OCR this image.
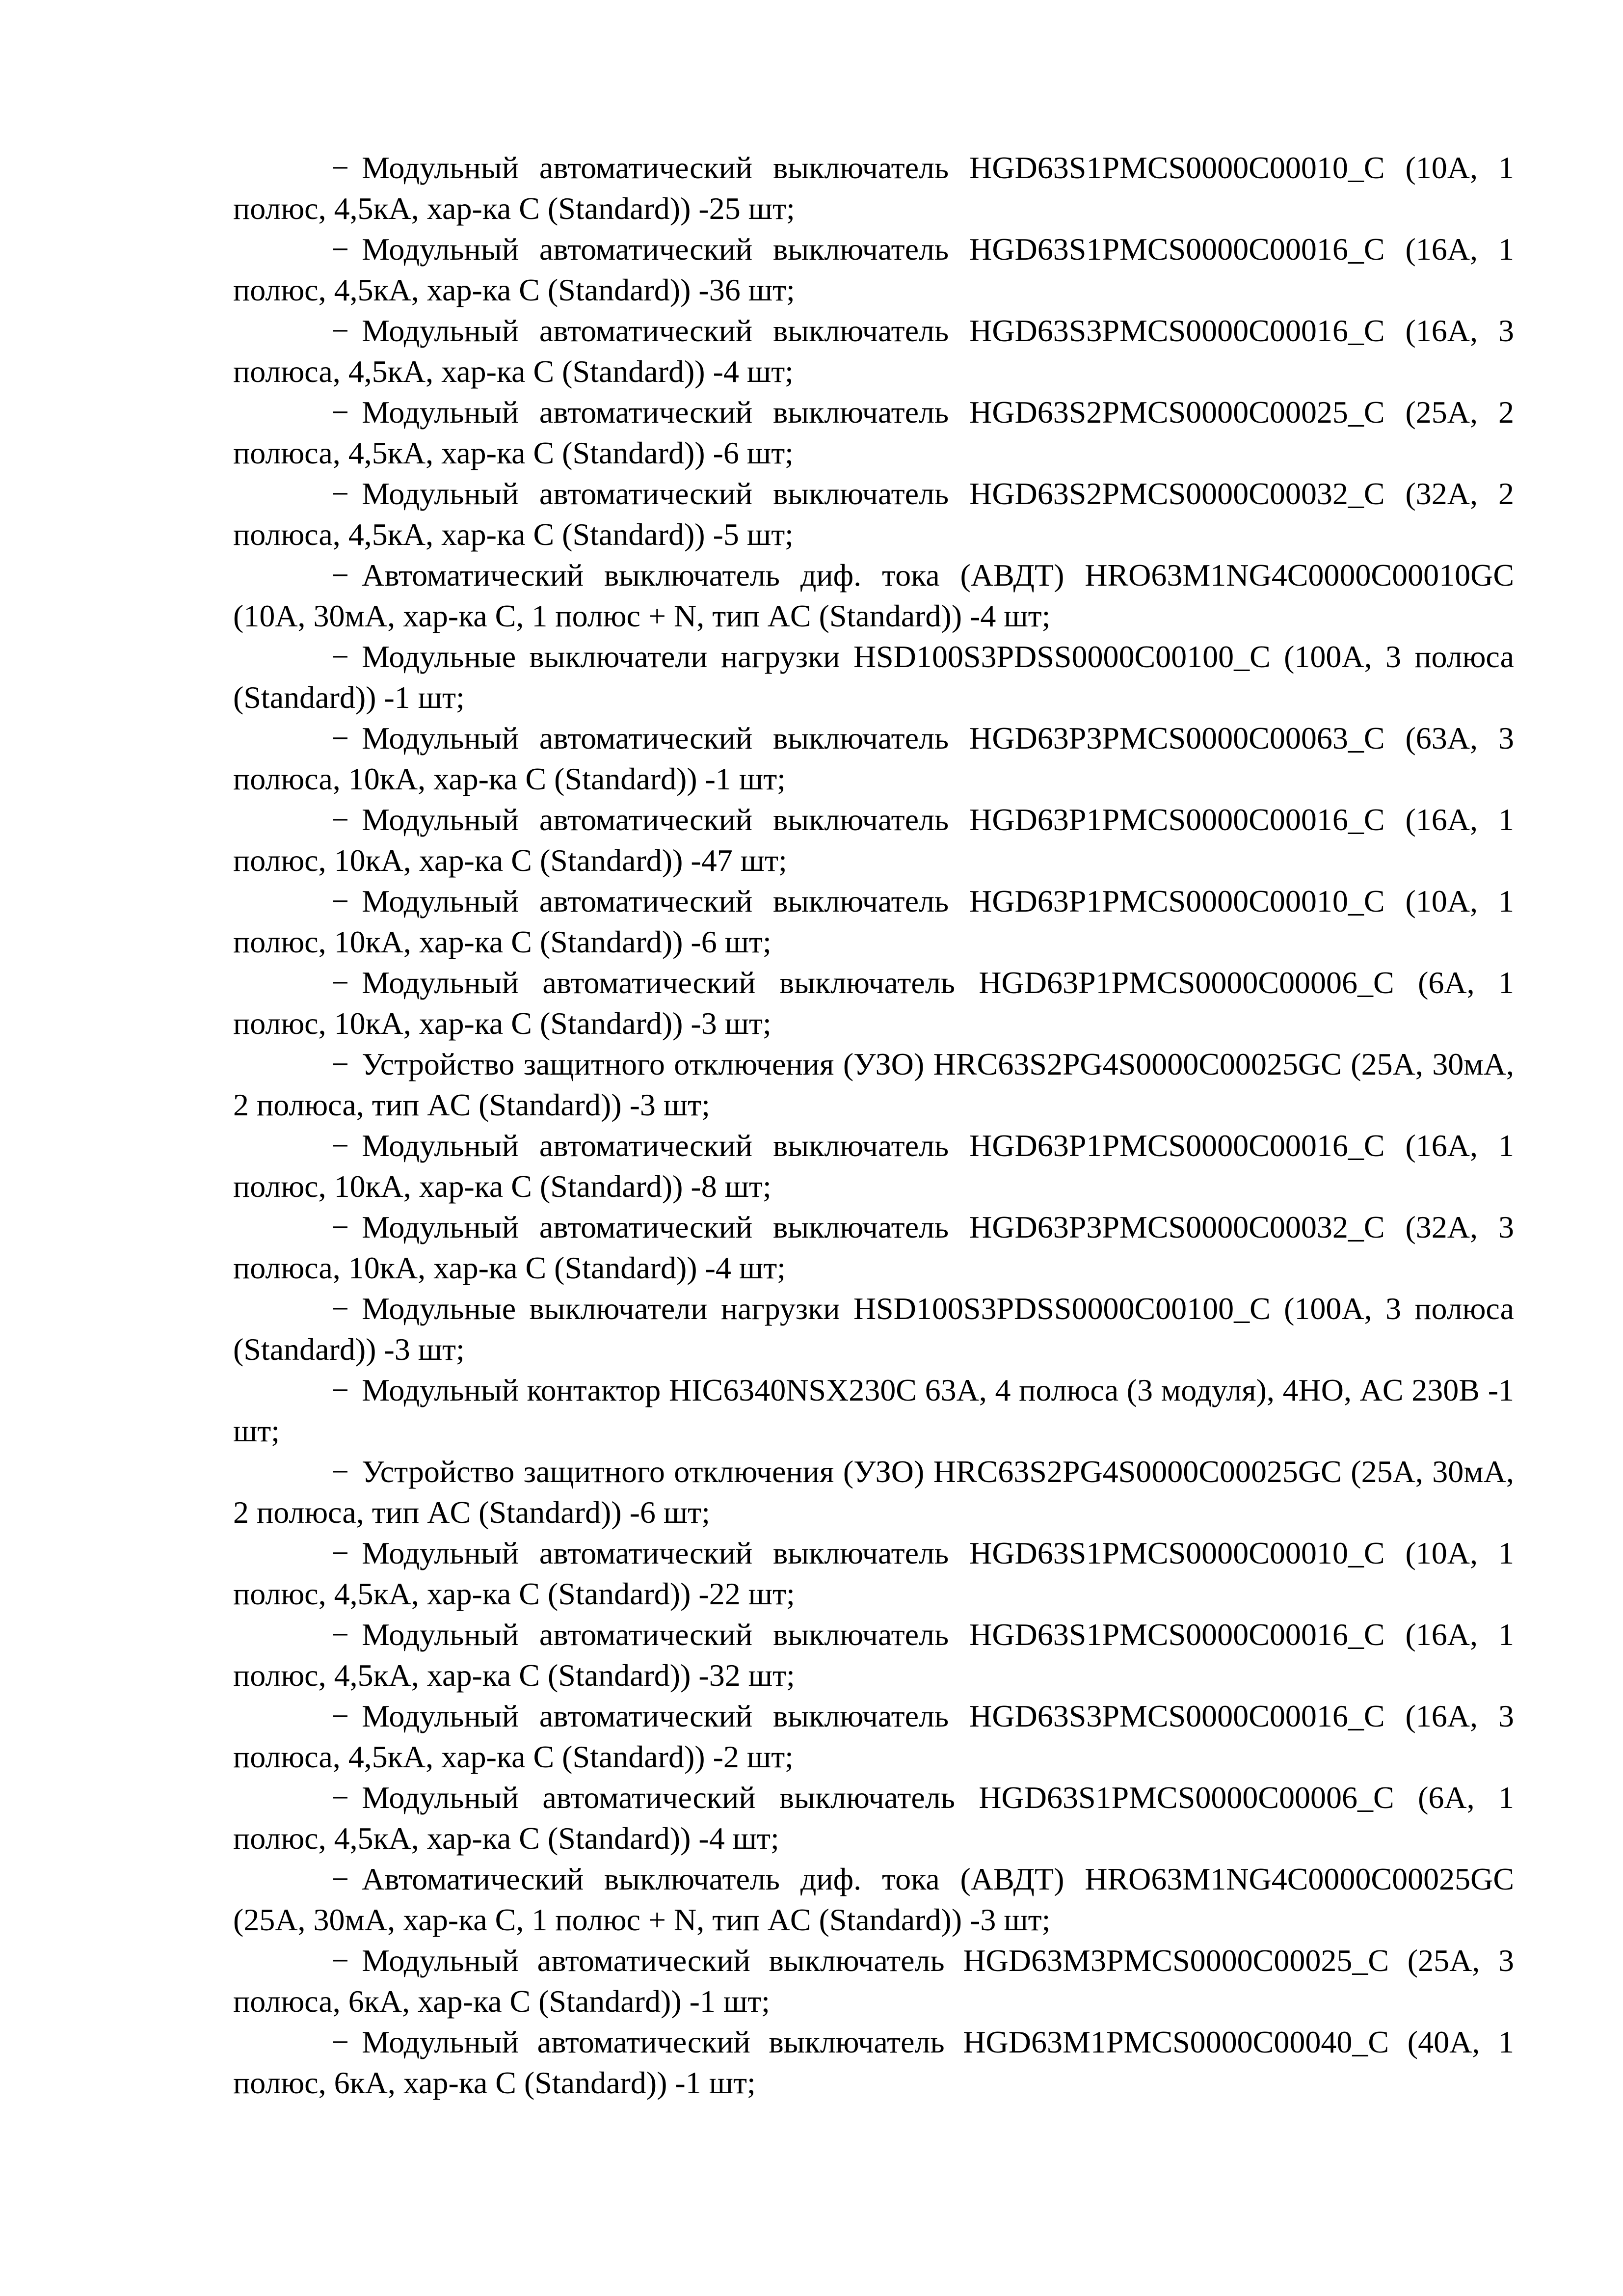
− Модульный автоматический выключатель HGD63S1PMCS0000C00010_C (10A, 1 полюс, 4,5кА, хар-ка C (Standard)) -25 шт;
− Модульный автоматический выключатель HGD63S1PMCS0000C00016_C (16A, 1 полюс, 4,5кА, хар-ка C (Standard)) -36 шт;
− Модульный автоматический выключатель HGD63S3PMCS0000C00016_C (16A, 3 полюса, 4,5кА, хар-ка C (Standard)) -4 шт;
− Модульный автоматический выключатель HGD63S2PMCS0000C00025_C (25A, 2 полюса, 4,5кА, хар-ка C (Standard)) -6 шт;
− Модульный автоматический выключатель HGD63S2PMCS0000C00032_C (32A, 2 полюса, 4,5кА, хар-ка C (Standard)) -5 шт;
− Автоматический выключатель диф. тока (АВДТ) HRO63M1NG4C0000C00010GC (10A, 30мА, хар-ка C, 1 полюс + N, тип AC (Standard)) -4 шт;
− Модульные выключатели нагрузки HSD100S3PDSS0000C00100_C (100A, 3 полюса (Standard)) -1 шт;
− Модульный автоматический выключатель HGD63P3PMCS0000C00063_C (63A, 3 полюса, 10кА, хар-ка C (Standard)) -1 шт;
− Модульный автоматический выключатель HGD63P1PMCS0000C00016_C (16A, 1 полюс, 10кА, хар-ка C (Standard)) -47 шт;
− Модульный автоматический выключатель HGD63P1PMCS0000C00010_C (10A, 1 полюс, 10кА, хар-ка C (Standard)) -6 шт;
− Модульный автоматический выключатель HGD63P1PMCS0000C00006_C (6A, 1 полюс, 10кА, хар-ка C (Standard)) -3 шт;
− Устройство защитного отключения (УЗО) HRC63S2PG4S0000C00025GC (25A, 30мА, 2 полюса, тип AC (Standard)) -3 шт;
− Модульный автоматический выключатель HGD63P1PMCS0000C00016_C (16A, 1 полюс, 10кА, хар-ка C (Standard)) -8 шт;
− Модульный автоматический выключатель HGD63P3PMCS0000C00032_C (32A, 3 полюса, 10кА, хар-ка C (Standard)) -4 шт;
− Модульные выключатели нагрузки HSD100S3PDSS0000C00100_C (100A, 3 полюса (Standard)) -3 шт;
− Модульный контактор HIC6340NSX230C 63A, 4 полюса (3 модуля), 4НО, AC 230В -1 шт;
− Устройство защитного отключения (УЗО) HRC63S2PG4S0000C00025GC (25A, 30мА, 2 полюса, тип AC (Standard)) -6 шт;
− Модульный автоматический выключатель HGD63S1PMCS0000C00010_C (10A, 1 полюс, 4,5кА, хар-ка C (Standard)) -22 шт;
− Модульный автоматический выключатель HGD63S1PMCS0000C00016_C (16A, 1 полюс, 4,5кА, хар-ка C (Standard)) -32 шт;
− Модульный автоматический выключатель HGD63S3PMCS0000C00016_C (16A, 3 полюса, 4,5кА, хар-ка C (Standard)) -2 шт;
− Модульный автоматический выключатель HGD63S1PMCS0000C00006_C (6A, 1 полюс, 4,5кА, хар-ка C (Standard)) -4 шт;
− Автоматический выключатель диф. тока (АВДТ) HRO63M1NG4C0000C00025GC (25A, 30мА, хар-ка C, 1 полюс + N, тип AC (Standard)) -3 шт;
− Модульный автоматический выключатель HGD63M3PMCS0000C00025_C (25A, 3 полюса, 6кА, хар-ка C (Standard)) -1 шт;
− Модульный автоматический выключатель HGD63M1PMCS0000C00040_C (40A, 1 полюс, 6кА, хар-ка C (Standard)) -1 шт;
